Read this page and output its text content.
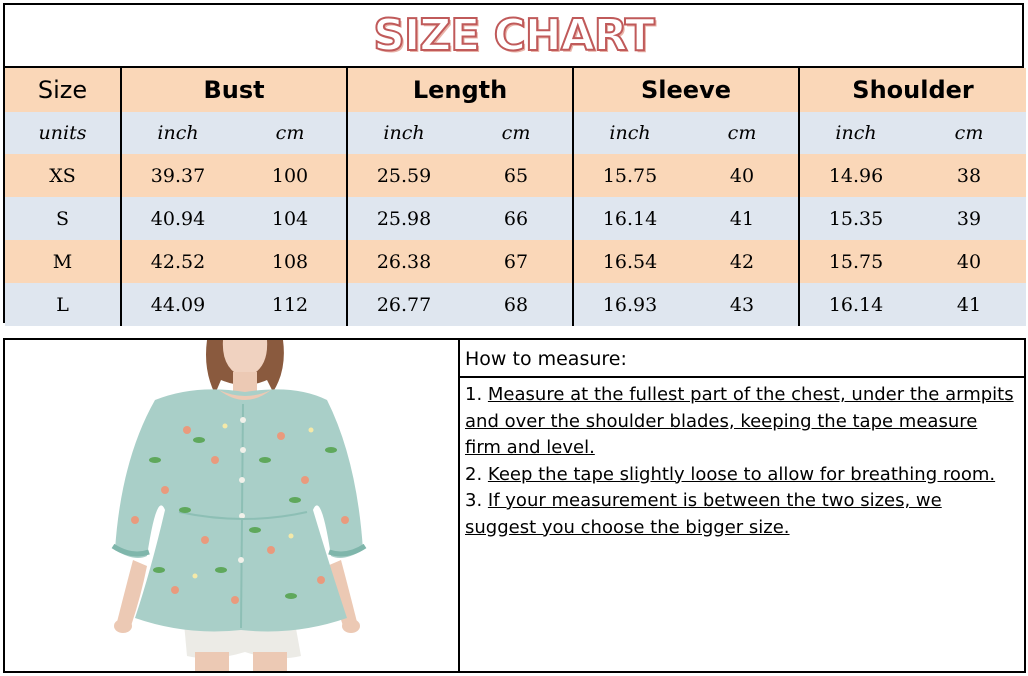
SIZE CHART
Size	Bust		Length		Sleeve		Shoulder	
units	inch	cm	inch	cm	inch	cm	inch	cm
XS	39.37	100	25.59	65	15.75	40	14.96	38
S	40.94	104	25.98	66	16.14	41	15.35	39
M	42.52	108	26.38	67	16.54	42	15.75	40
L	44.09	112	26.77	68	16.93	43	16.14	41
How to measure:

1. Measure at the fullest part of the chest, under the armpits and over the shoulder blades, keeping the tape measure firm and level.

2. Keep the tape slightly loose to allow for breathing room.

3. If your measurement is between the two sizes, we suggest you choose the bigger size.
